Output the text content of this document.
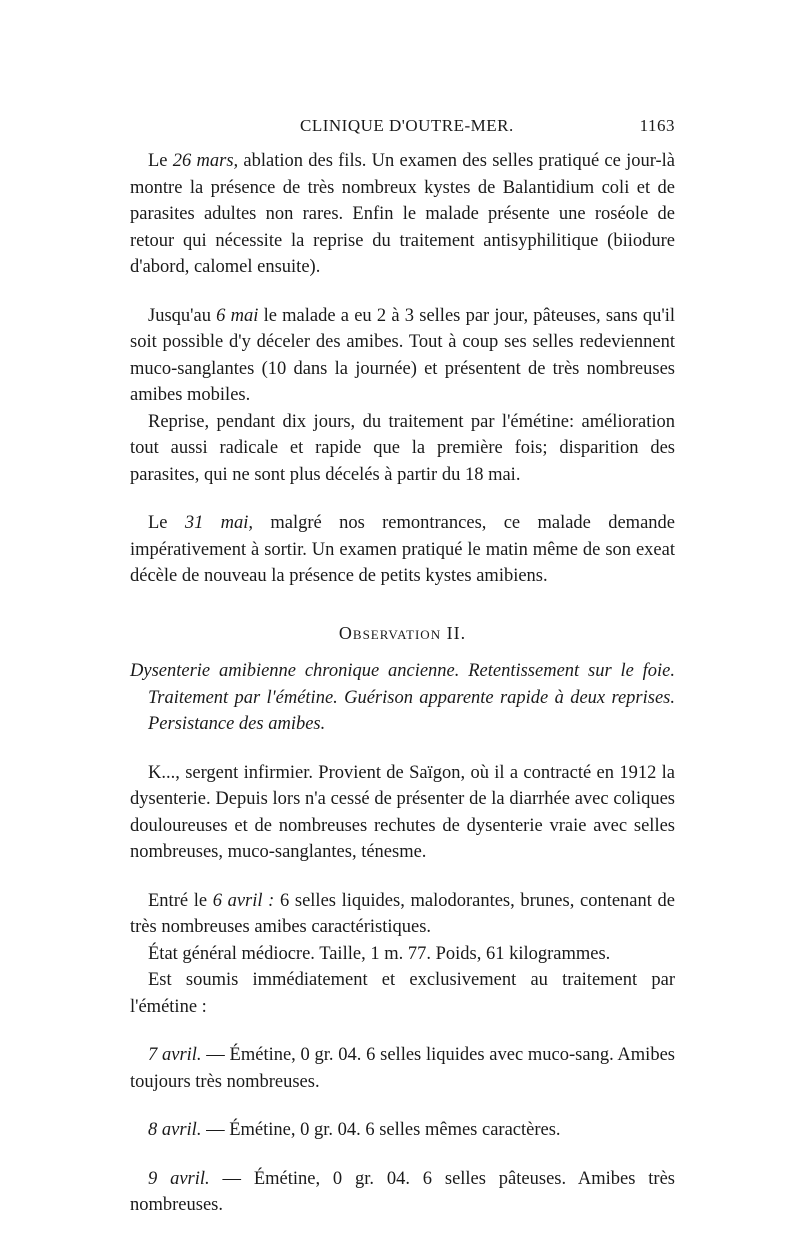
CLINIQUE D'OUTRE-MER.	1163

Le 26 mars, ablation des fils. Un examen des selles pratiqué ce jour-là montre la présence de très nombreux kystes de Balantidium coli et de parasites adultes non rares. Enfin le malade présente une roséole de retour qui nécessite la reprise du traitement antisyphilitique (biiodure d'abord, calomel ensuite).

Jusqu'au 6 mai le malade a eu 2 à 3 selles par jour, pâteuses, sans qu'il soit possible d'y déceler des amibes. Tout à coup ses selles redeviennent muco-sanglantes (10 dans la journée) et présentent de très nombreuses amibes mobiles.

Reprise, pendant dix jours, du traitement par l'émétine: amélioration tout aussi radicale et rapide que la première fois; disparition des parasites, qui ne sont plus décelés à partir du 18 mai.

Le 31 mai, malgré nos remontrances, ce malade demande impérativement à sortir. Un examen pratiqué le matin même de son exeat décèle de nouveau la présence de petits kystes amibiens.

Observation II.

Dysenterie amibienne chronique ancienne. Retentissement sur le foie. Traitement par l'émétine. Guérison apparente rapide à deux reprises. Persistance des amibes.

K..., sergent infirmier. Provient de Saïgon, où il a contracté en 1912 la dysenterie. Depuis lors n'a cessé de présenter de la diarrhée avec coliques douloureuses et de nombreuses rechutes de dysenterie vraie avec selles nombreuses, muco-sanglantes, ténesme.

Entré le 6 avril : 6 selles liquides, malodorantes, brunes, contenant de très nombreuses amibes caractéristiques.

État général médiocre. Taille, 1 m. 77. Poids, 61 kilogrammes.

Est soumis immédiatement et exclusivement au traitement par l'émétine :

7 avril. — Émétine, 0 gr. 04. 6 selles liquides avec muco-sang. Amibes toujours très nombreuses.

8 avril. — Émétine, 0 gr. 04. 6 selles mêmes caractères.

9 avril. — Émétine, 0 gr. 04. 6 selles pâteuses. Amibes très nombreuses.
